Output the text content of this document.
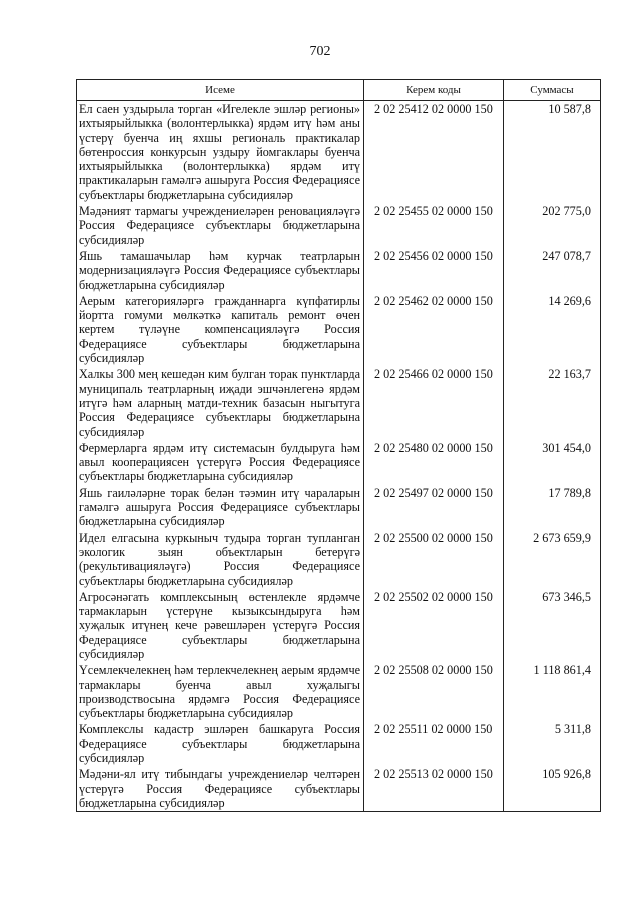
702
Исеме	Керем коды	Суммасы
Ел саен уздырыла торган «Игелекле эшләр регионы» ихтыярыйлыкка (волонтерлыкка) ярдәм итү һәм аны үстерү буенча иң яхшы региональ практикалар бөтенроссия конкурсын уздыру йомгаклары буенча ихтыярыйлыкка (волонтерлыкка) ярдәм итү практикаларын гамәлгә ашыруга Россия Федерациясе субъектлары бюджетларына субсидияләр	2 02 25412 02 0000 150	10 587,8
Мәдәният тармагы учреждениеләрен реновацияләүгә Россия Федерациясе субъектлары бюджетларына субсидияләр	2 02 25455 02 0000 150	202 775,0
Яшь тамашачылар һәм курчак театрларын модернизацияләүгә Россия Федерациясе субъектлары бюджетларына субсидияләр	2 02 25456 02 0000 150	247 078,7
Аерым категорияләргә гражданнарга күпфатирлы йортта гомуми мөлкәткә капиталь ремонт өчен кертем түләүне компенсацияләүгә Россия Федерациясе субъектлары бюджетларына субсидияләр	2 02 25462 02 0000 150	14 269,6
Халкы 300 мең кешедән ким булган торак пунктларда муниципаль театрларның иҗади эшчәнлегенә ярдәм итүгә һәм аларның матди-техник базасын ныгытуга Россия Федерациясе субъектлары бюджетларына субсидияләр	2 02 25466 02 0000 150	22 163,7
Фермерларга ярдәм итү системасын булдыруга һәм авыл кооперациясен үстерүгә Россия Федерациясе субъектлары бюджетларына субсидияләр	2 02 25480 02 0000 150	301 454,0
Яшь гаиләләрне торак белән тәэмин итү чараларын гамәлгә ашыруга Россия Федерациясе субъектлары бюджетларына субсидияләр	2 02 25497 02 0000 150	17 789,8
Идел елгасына куркыныч тудыра торган тупланган экологик зыян объектларын бетерүгә (рекультивацияләүгә) Россия Федерациясе субъектлары бюджетларына субсидияләр	2 02 25500 02 0000 150	2 673 659,9
Агросәнәгать комплексының өстенлекле ярдәмче тармакларын үстерүне кызыксындыруга һәм хуҗалык итүнең кече рәвешләрен үстерүгә Россия Федерациясе субъектлары бюджетларына субсидияләр	2 02 25502 02 0000 150	673 346,5
Үсемлекчелекнең һәм терлекчелекнең аерым ярдәмче тармаклары буенча авыл хуҗалыгы производствосына ярдәмгә Россия Федерациясе субъектлары бюджетларына субсидияләр	2 02 25508 02 0000 150	1 118 861,4
Комплекслы кадастр эшләрен башкаруга Россия Федерациясе субъектлары бюджетларына субсидияләр	2 02 25511 02 0000 150	5 311,8
Мәдәни-ял итү тибындагы учреждениеләр челтәрен үстерүгә Россия Федерациясе субъектлары бюджетларына субсидияләр	2 02 25513 02 0000 150	105 926,8
